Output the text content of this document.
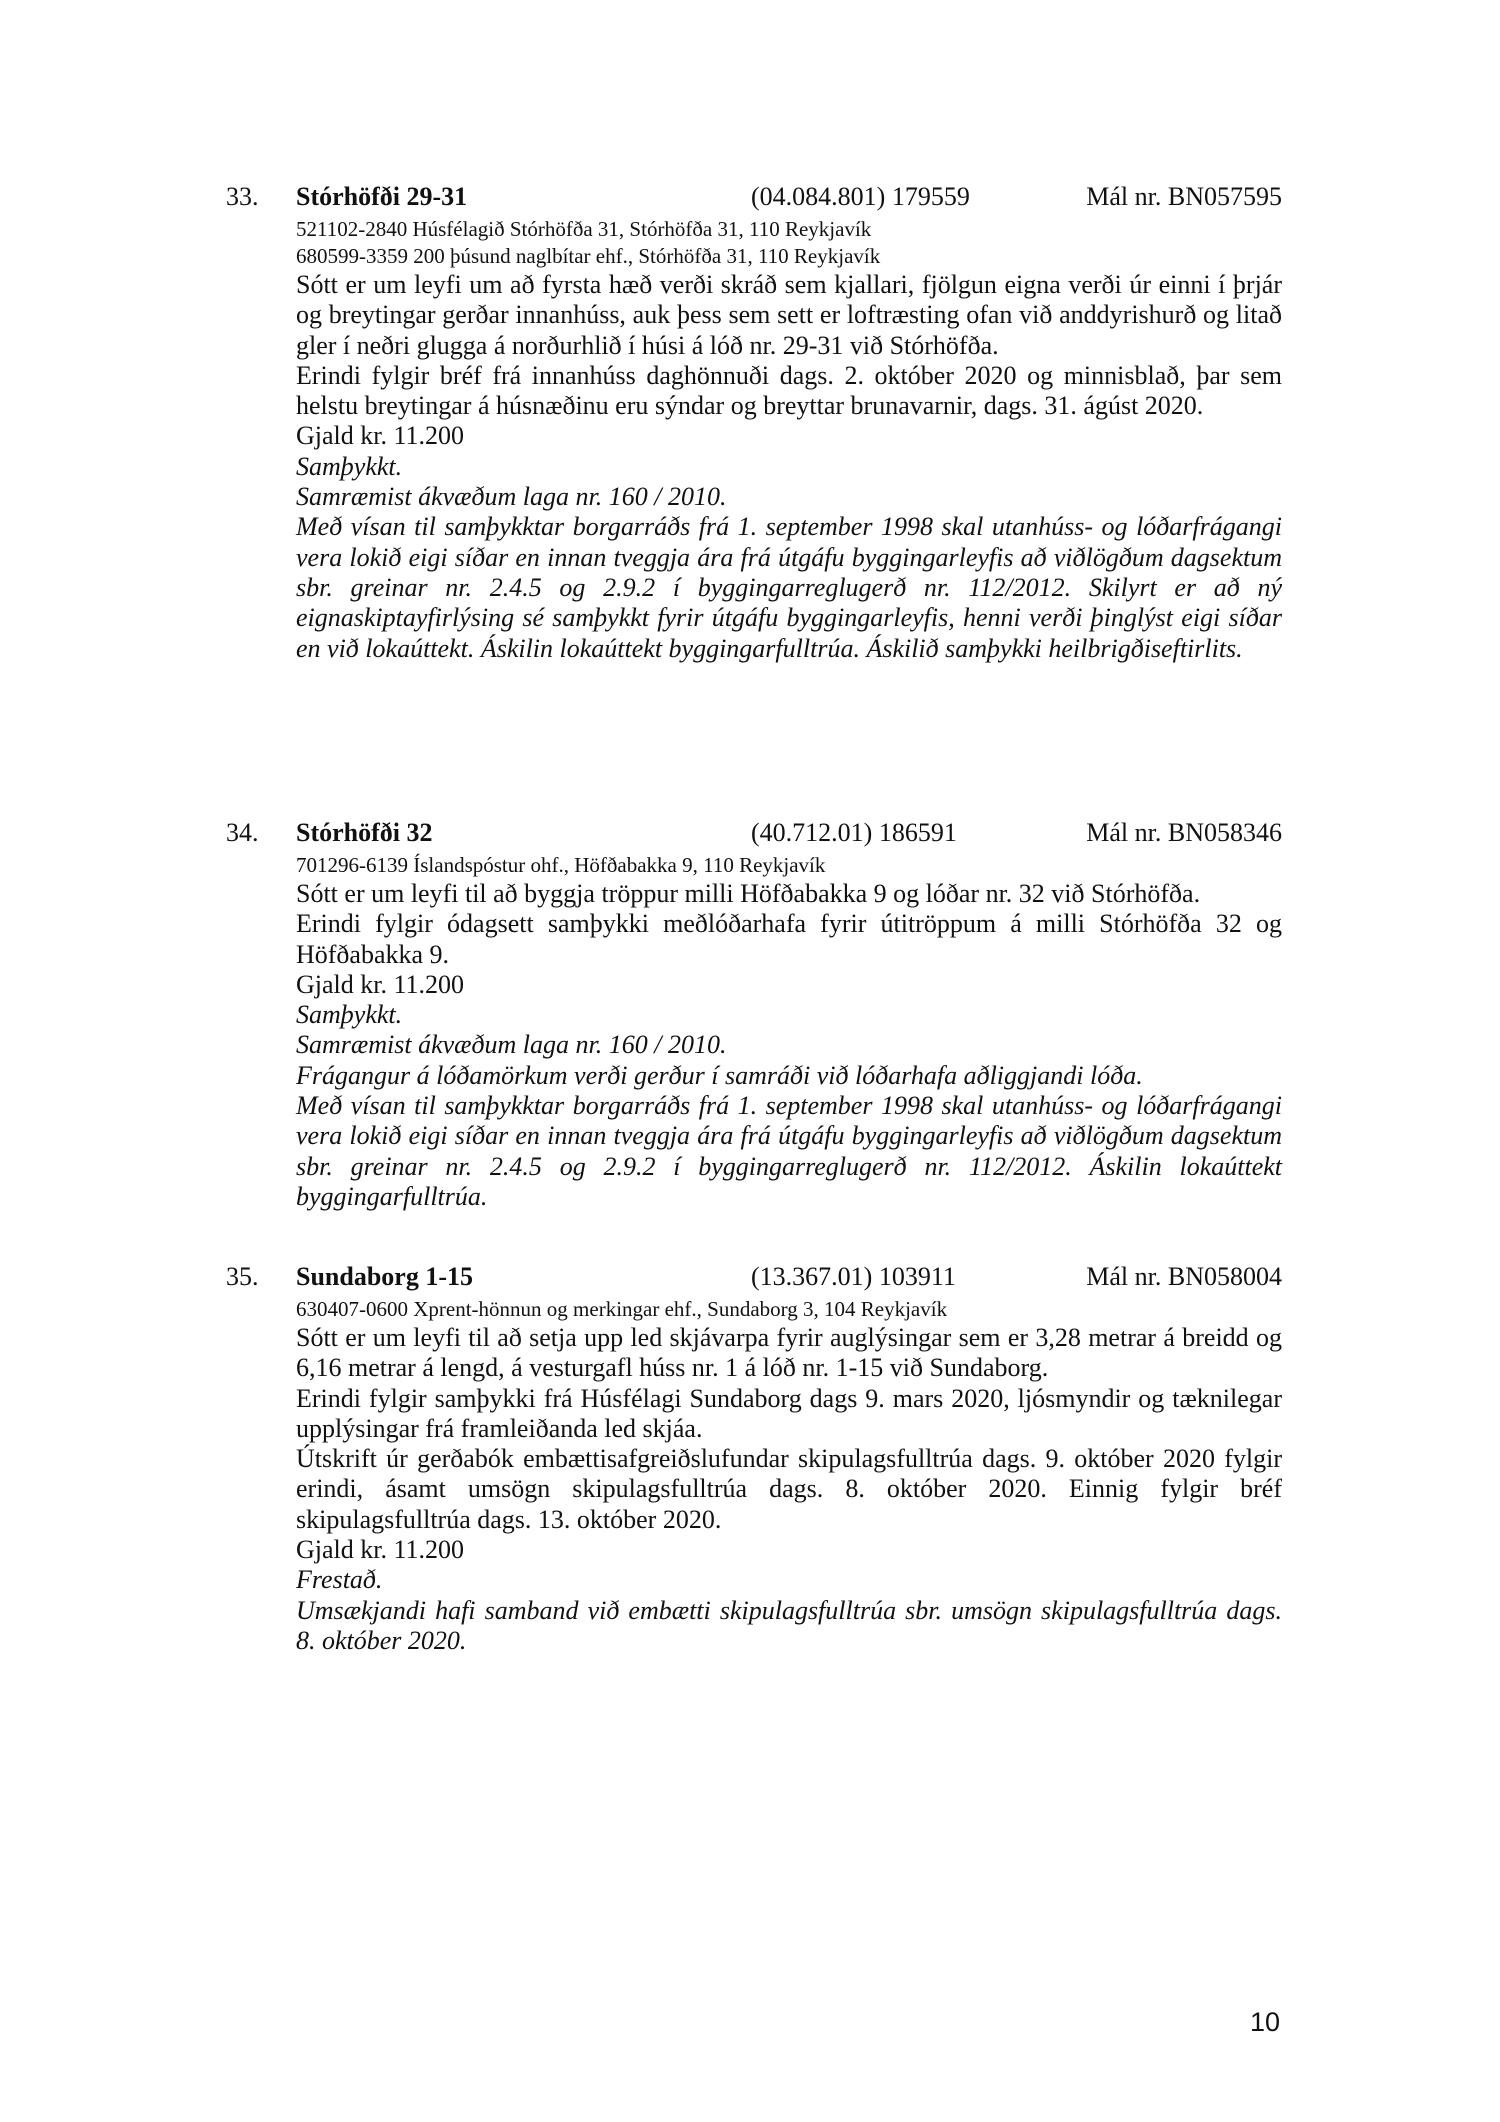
33. Stórhöfði 29-31	(04.084.801) 179559	Mál nr. BN057595
521102-2840 Húsfélagið Stórhöfða 31, Stórhöfða 31, 110 Reykjavík
680599-3359 200 þúsund naglbítar ehf., Stórhöfða 31, 110 Reykjavík
Sótt er um leyfi um að fyrsta hæð verði skráð sem kjallari, fjölgun eigna verði úr einni í þrjár og breytingar gerðar innanhúss, auk þess sem sett er loftræsting ofan við anddyrishurð og litað gler í neðri glugga á norðurhlið í húsi á lóð nr. 29-31 við Stórhöfða.
Erindi fylgir bréf frá innanhúss daghönnuði dags. 2. október 2020 og minnisblað, þar sem helstu breytingar á húsnæðinu eru sýndar og breyttar brunavarnir, dags. 31. ágúst 2020.
Gjald kr. 11.200
Samþykkt.
Samræmist ákvæðum laga nr. 160 / 2010.
Með vísan til samþykktar borgarráðs frá 1. september 1998 skal utanhúss- og lóðarfrágangi vera lokið eigi síðar en innan tveggja ára frá útgáfu byggingarleyfis að viðlögðum dagsektum sbr. greinar nr. 2.4.5 og 2.9.2 í byggingarreglugerð nr. 112/2012. Skilyrt er að ný eignaskiptayfirlýsing sé samþykkt fyrir útgáfu byggingarleyfis, henni verði þinglýst eigi síðar en við lokaúttekt. Áskilin lokaúttekt byggingarfulltrúa. Áskilið samþykki heilbrigðiseftirlits.
34. Stórhöfði 32	(40.712.01) 186591	Mál nr. BN058346
701296-6139 Íslandspóstur ohf., Höfðabakka 9, 110 Reykjavík
Sótt er um leyfi til að byggja tröppur milli Höfðabakka 9 og lóðar nr. 32 við Stórhöfða.
Erindi fylgir ódagsett samþykki meðlóðarhafa fyrir útitröppum á milli Stórhöfða 32 og Höfðabakka 9.
Gjald kr. 11.200
Samþykkt.
Samræmist ákvæðum laga nr. 160 / 2010.
Frágangur á lóðamörkum verði gerður í samráði við lóðarhafa aðliggjandi lóða.
Með vísan til samþykktar borgarráðs frá 1. september 1998 skal utanhúss- og lóðarfrágangi vera lokið eigi síðar en innan tveggja ára frá útgáfu byggingarleyfis að viðlögðum dagsektum sbr. greinar nr. 2.4.5 og 2.9.2 í byggingarreglugerð nr. 112/2012. Áskilin lokaúttekt byggingarfulltrúa.
35. Sundaborg 1-15	(13.367.01) 103911	Mál nr. BN058004
630407-0600 Xprent-hönnun og merkingar ehf., Sundaborg 3, 104 Reykjavík
Sótt er um leyfi til að setja upp led skjávarpa fyrir auglýsingar sem er 3,28 metrar á breidd og 6,16 metrar á lengd, á vesturgafl húss nr. 1 á lóð nr. 1-15 við Sundaborg.
Erindi fylgir samþykki frá Húsfélagi Sundaborg dags 9. mars 2020, ljósmyndir og tæknilegar upplýsingar frá framleiðanda led skjáa.
Útskrift úr gerðabók embættisafgreiðslufundar skipulagsfulltrúa dags. 9. október 2020 fylgir erindi, ásamt umsögn skipulagsfulltrúa dags. 8. október 2020. Einnig fylgir bréf skipulagsfulltrúa dags. 13. október 2020.
Gjald kr. 11.200
Frestað.
Umsækjandi hafi samband við embætti skipulagsfulltrúa sbr. umsögn skipulagsfulltrúa dags. 8. október 2020.
10
